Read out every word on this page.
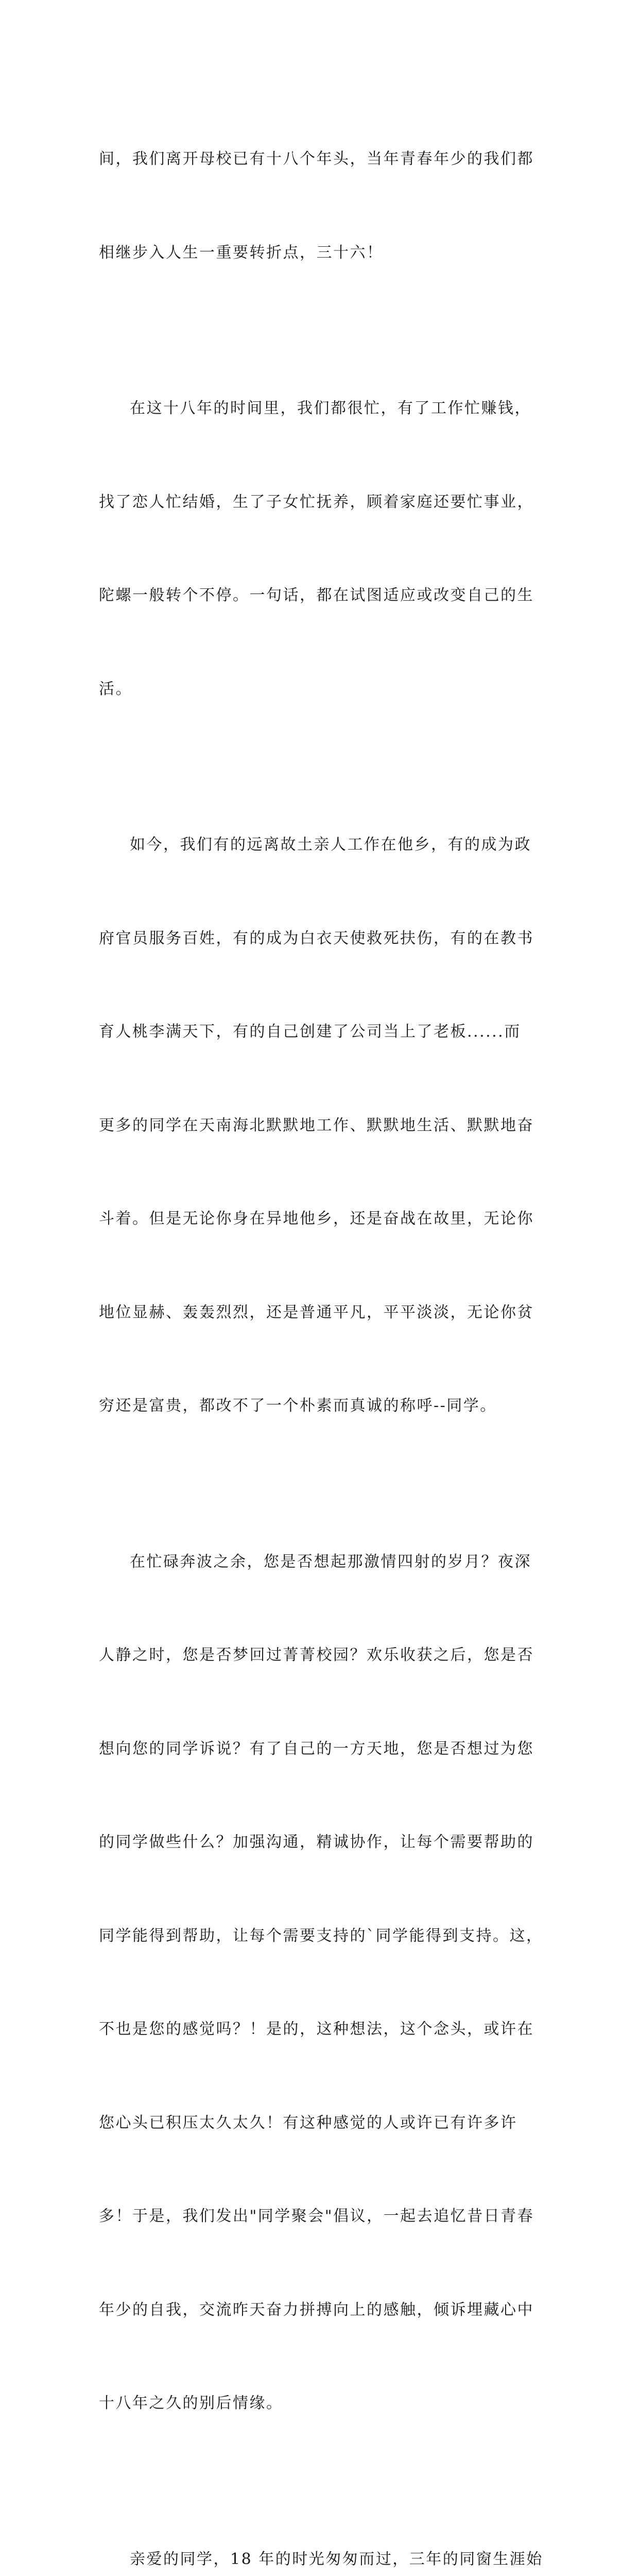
间，我们离开母校已有十八个年头，当年青春年少的我们都

相继步入人生一重要转折点，三十六！

在这十八年的时间里，我们都很忙，有了工作忙赚钱，

找了恋人忙结婚，生了子女忙抚养，顾着家庭还要忙事业，

陀螺一般转个不停。一句话，都在试图适应或改变自己的生

活。

如今，我们有的远离故土亲人工作在他乡，有的成为政

府官员服务百姓，有的成为白衣天使救死扶伤，有的在教书

育人桃李满天下，有的自己创建了公司当上了老板......而

更多的同学在天南海北默默地工作、默默地生活、默默地奋

斗着。但是无论你身在异地他乡，还是奋战在故里，无论你

地位显赫、轰轰烈烈，还是普通平凡，平平淡淡，无论你贫

穷还是富贵，都改不了一个朴素而真诚的称呼--同学。

在忙碌奔波之余，您是否想起那激情四射的岁月？夜深

人静之时，您是否梦回过菁菁校园？欢乐收获之后，您是否

想向您的同学诉说？有了自己的一方天地，您是否想过为您

的同学做些什么？加强沟通，精诚协作，让每个需要帮助的

同学能得到帮助，让每个需要支持的`同学能得到支持。这，

不也是您的感觉吗？！是的，这种想法，这个念头，或许在

您心头已积压太久太久！有这种感觉的人或许已有许多许

多！于是，我们发出"同学聚会"倡议，一起去追忆昔日青春

年少的自我，交流昨天奋力拼搏向上的感触，倾诉埋藏心中

十八年之久的别后情缘。

亲爱的同学，18 年的时光匆匆而过，三年的同窗生涯始
